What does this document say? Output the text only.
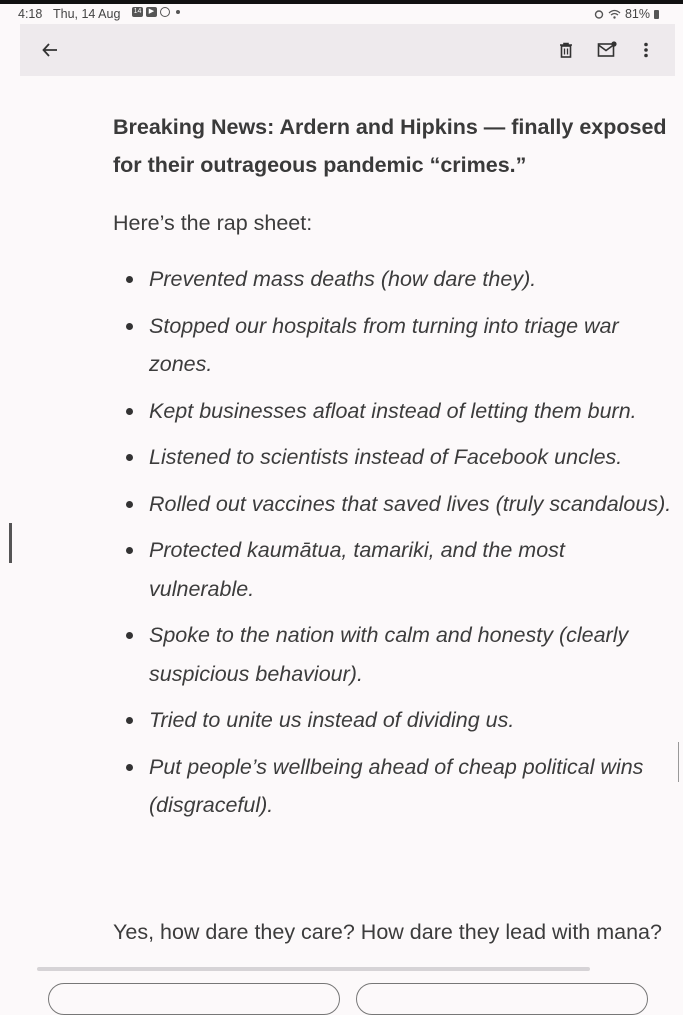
4:18 Thu, 14 Aug 14	▶	81%

Breaking News: Ardern and Hipkins — finally exposed for their outrageous pandemic “crimes.”

Here’s the rap sheet:

Prevented mass deaths (how dare they).
Stopped our hospitals from turning into triage war zones.
Kept businesses afloat instead of letting them burn.
Listened to scientists instead of Facebook uncles.
Rolled out vaccines that saved lives (truly scandalous).
Protected kaumātua, tamariki, and the most vulnerable.
Spoke to the nation with calm and honesty (clearly suspicious behaviour).
Tried to unite us instead of dividing us.
Put people’s wellbeing ahead of cheap political wins (disgraceful).
Yes, how dare they care? How dare they lead with mana?
